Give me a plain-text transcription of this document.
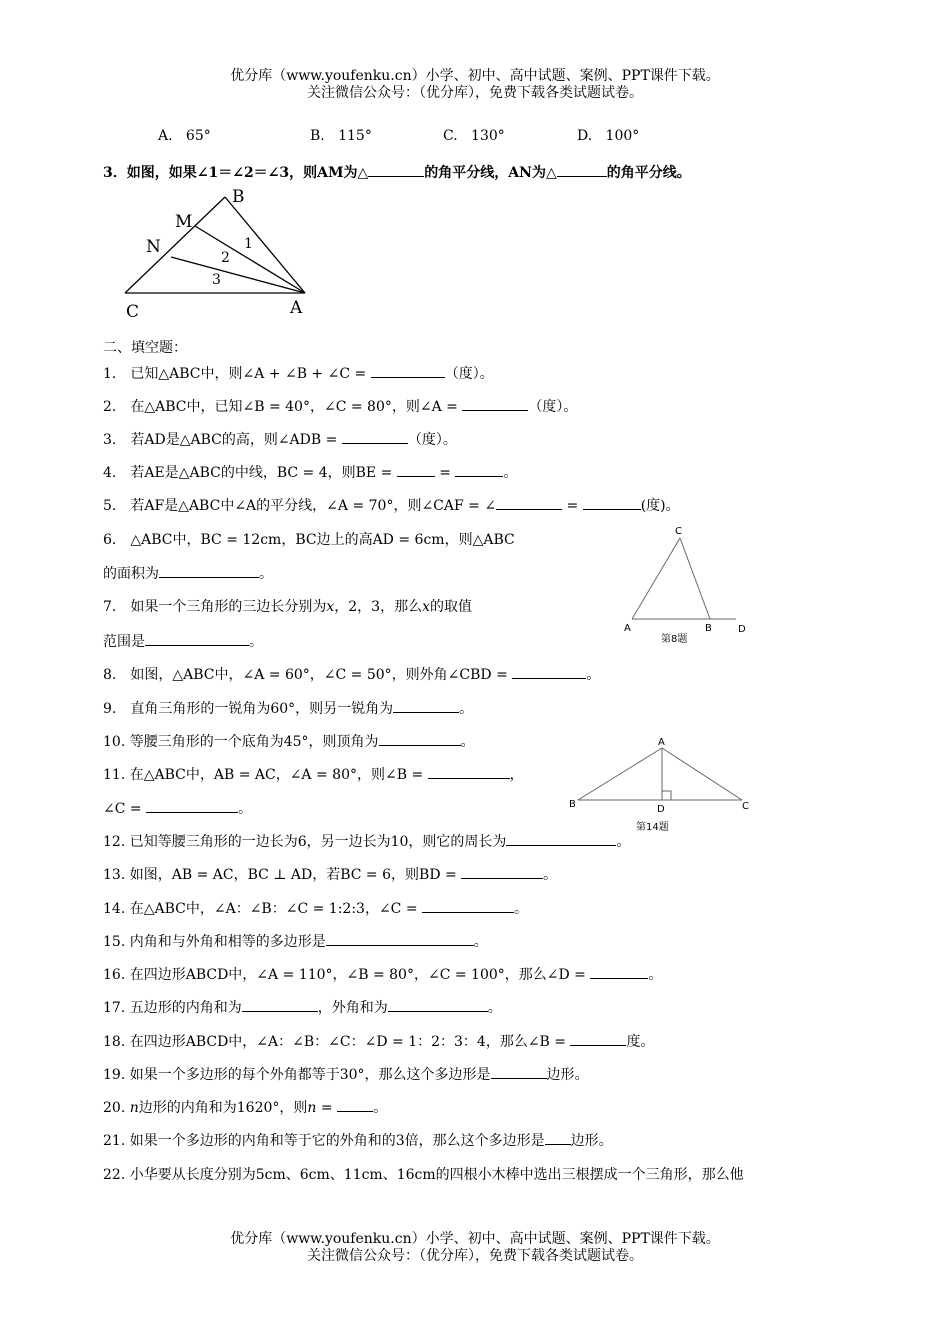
优分库（www.youfenku.cn）小学、初中、高中试题、案例、PPT课件下载。
关注微信公众号：（优分库），免费下载各类试题试卷。
A. 65°	B. 115°	C. 130°	D. 100°
3．如图，如果∠1＝∠2＝∠3，则AM为△	的角平分线，AN为△	的角平分线。
B
M
N
C	A
1
2
3
二、填空题：
1.　已知△ABC中，则∠A + ∠B + ∠C =	（度）。
2.　在△ABC中，已知∠B = 40°，∠C = 80°，则∠A =	（度）。
3.　若AD是△ABC的高，则∠ADB =	（度）。
4.　若AE是△ABC的中线，BC = 4，则BE =	=	。
5.　若AF是△ABC中∠A的平分线，∠A = 70°，则∠CAF = ∠	=	(度)。
6.　△ABC中，BC = 12cm，BC边上的高AD = 6cm，则△ABC
的面积为	。
7.　如果一个三角形的三边长分别为x，2，3，那么x的取值
范围是	。
C
A	B	D
第8题
8.　如图，△ABC中，∠A = 60°，∠C = 50°，则外角∠CBD =	。
9.　直角三角形的一锐角为60°，则另一锐角为	。
10. 等腰三角形的一个底角为45°，则顶角为	。	A
B	D	C
第14题
11. 在△ABC中，AB = AC，∠A = 80°，则∠B =	，
∠C =	。
12. 已知等腰三角形的一边长为6，另一边长为10，则它的周长为	。
13. 如图，AB = AC，BC ⊥ AD，若BC = 6，则BD =	。
14. 在△ABC中，∠A：∠B：∠C = 1:2:3，∠C =	。
15. 内角和与外角和相等的多边形是	。
16. 在四边形ABCD中，∠A = 110°，∠B = 80°，∠C = 100°，那么∠D =	。
17. 五边形的内角和为	，外角和为	。
18. 在四边形ABCD中，∠A：∠B：∠C：∠D = 1：2：3：4，那么∠B =	度。
19. 如果一个多边形的每个外角都等于30°，那么这个多边形是	边形。
20. n边形的内角和为1620°，则n =	。
21. 如果一个多边形的内角和等于它的外角和的3倍，那么这个多边形是 边形。
22. 小华要从长度分别为5cm、6cm、11cm、16cm的四根小木棒中选出三根摆成一个三角形，那么他
优分库（www.youfenku.cn）小学、初中、高中试题、案例、PPT课件下载。
关注微信公众号：（优分库），免费下载各类试题试卷。
